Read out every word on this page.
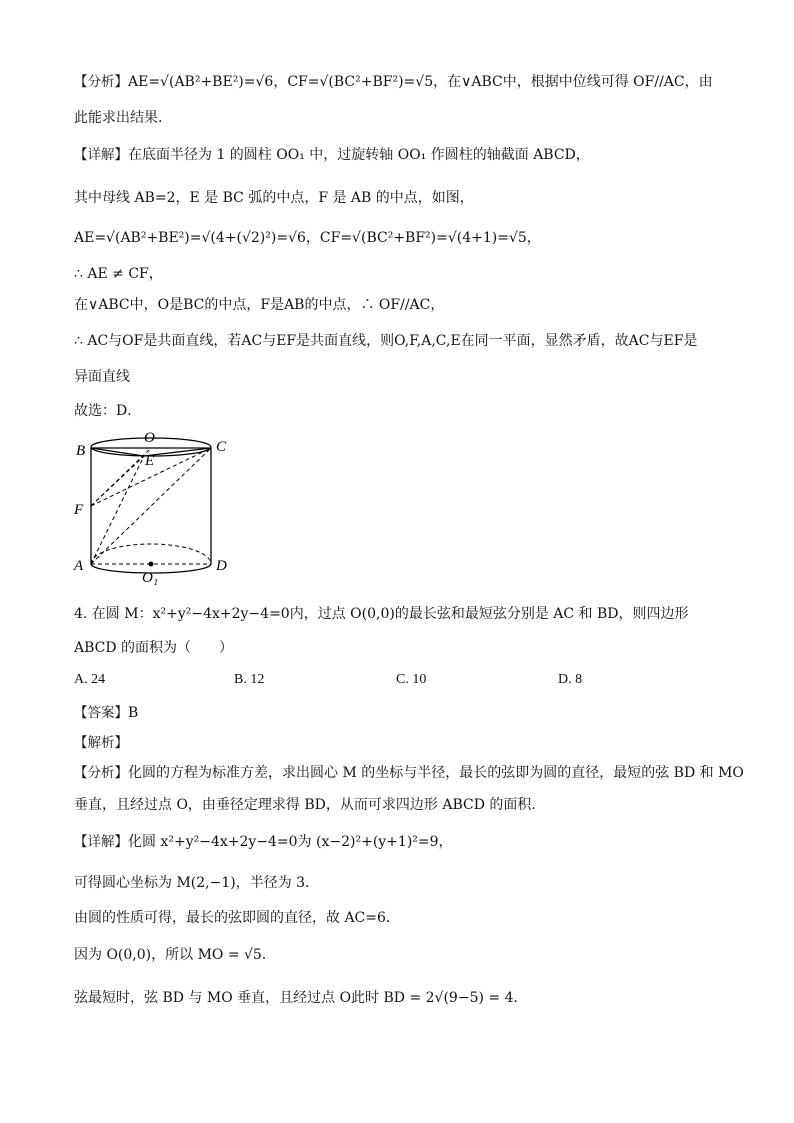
【分析】AE=√(AB²+BE²)=√6，CF=√(BC²+BF²)=√5，在∨ABC中，根据中位线可得 OF//AC，由
此能求出结果.
【详解】在底面半径为 1 的圆柱 OO₁ 中，过旋转轴 OO₁ 作圆柱的轴截面 ABCD，
其中母线 AB=2，E 是 BC 弧的中点，F 是 AB 的中点，如图，
AE=√(AB²+BE²)=√(4+(√2)²)=√6，CF=√(BC²+BF²)=√(4+1)=√5，
∴ AE ≠ CF，
在∨ABC中，O是BC的中点，F是AB的中点，∴ OF//AC，
∴ AC与OF是共面直线，若AC与EF是共面直线，则O,F,A,C,E在同一平面，显然矛盾，故AC与EF是
异面直线
故选：D．
B
O
C
E
F
A	D
O₁
4. 在圆 M：x²+y²−4x+2y−4=0内，过点 O(0,0)的最长弦和最短弦分别是 AC 和 BD，则四边形
ABCD 的面积为（　　）
A. 24	B. 12	C. 10	D. 8
【答案】B
【解析】
【分析】化圆的方程为标准方差，求出圆心 M 的坐标与半径，最长的弦即为圆的直径，最短的弦 BD 和 MO
垂直，且经过点 O，由垂径定理求得 BD，从而可求四边形 ABCD 的面积.
【详解】化圆 x²+y²−4x+2y−4=0为 (x−2)²+(y+1)²=9，
可得圆心坐标为 M(2,−1)，半径为 3.
由圆的性质可得，最长的弦即圆的直径，故 AC=6．
因为 O(0,0)，所以 MO = √5．
弦最短时，弦 BD 与 MO 垂直，且经过点 O此时 BD = 2√(9−5) = 4．
